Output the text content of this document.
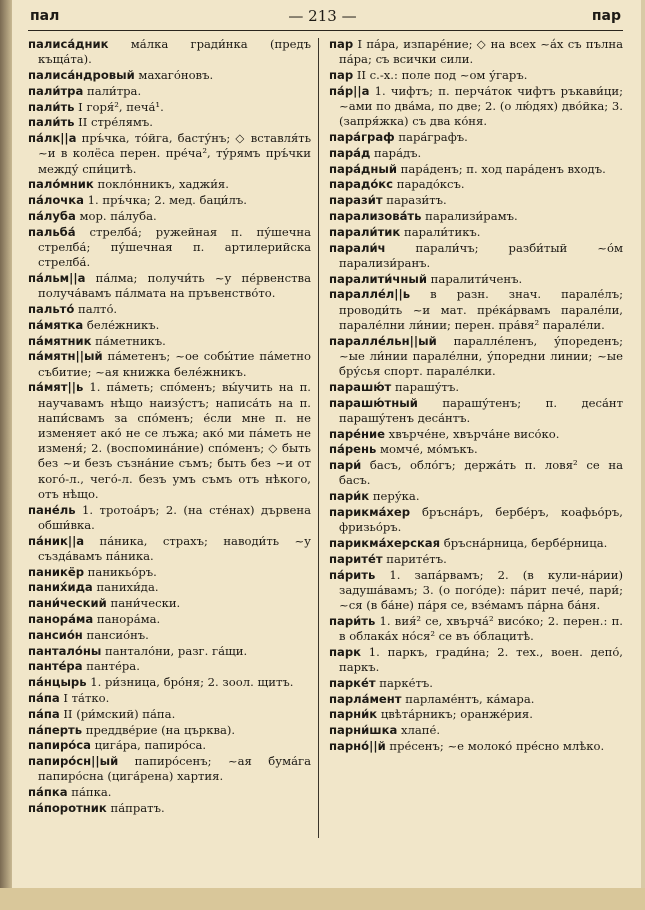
пал	— 213 —	пар
палиса́дник ма́лка гради́нка (предъ къща́та).
палиса́ндровый махаго́новъ.
пали́тра пали́тра.
пали́ть I горя́², печа́¹.
пали́ть II стре́лямъ.
па́лк||а пръ́чка, то́йга, басту́нъ; ◇ вставля́ть ~и в колёса перен. пре́ча², ту́рямъ пръ́чки между́ спи́цитѣ.
пало́мник покло́нникъ, хаджи́я.
па́лочка 1. пръ́чка; 2. мед. баци́лъ.
па́луба мор. па́луба.
пальба́ стрелба́; ружейная п. пу́шечна стрелба́; пу́шечная п. артилерийска стрелба́.
па́льм||а па́лма; получи́ть ~у пе́рвенства получа́вамъ па́лмата на пръвенство́то.
пальто́ палто́.
па́мятка беле́жникъ.
па́мятник па́метникъ.
па́мятн||ый па́метенъ; ~ое собы́тие па́метно събитие; ~ая книжка беле́жникъ.
па́мят||ь 1. па́меть; спо́менъ; вы́учить на п. научавамъ нѣщо наизу́стъ; написа́ть на п. напи́свамъ за спо́менъ; е́сли мне п. не изменяет ако́ не се лъжа; ако́ ми па́меть не изменя́; 2. (воспомина́ние) спо́менъ; ◇ быть без ~и безъ съзна́ние съмъ; быть без ~и от кого́-л., чего́-л. безъ умъ съмъ отъ нѣкого, отъ нѣщо.
пане́ль 1. тротоа́ръ; 2. (на сте́нах) дървена обши́вка.
па́ник||а па́ника, страхъ; наводи́ть ~у създа́вамъ па́ника.
паникёр паникьо́ръ.
паних́ида панихи́да.
пани́ческий пани́чески.
панора́ма панора́ма.
пансио́н пансио́нъ.
пантало́ны пантало́ни, разг. га́щи.
панте́ра панте́ра.
па́нцырь 1. ри́зница, бро́ня; 2. зоол. щитъ.
па́па I та́тко.
па́па II (ри́мский) па́па.
па́перть преддве́рие (на църква).
папиро́са цига́ра, папиро́са.
папиро́сн||ый папиро́сенъ; ~ая бума́га папиро́сна (цига́рена) хартия.
па́пка па́пка.
па́поротник па́пратъ.
пар I па́ра, изпаре́ние; ◇ на всех ~áх съ пълна па́ра; съ всички сили.
пар II с.-х.: поле под ~ом у́гаръ.
па́р||а 1. чифтъ; п. перча́ток чифтъ ръкави́ци; ~ами по два́ма, по две; 2. (о лю́дях) дво́йка; 3. (запря́жка) съ два ко́ня.
пара́граф пара́графъ.
пара́д пара́дъ.
пара́дный пара́денъ; п. ход пара́денъ входъ.
парадо́кс парадо́ксъ.
парази́т парази́тъ.
парализова́ть парализи́рамъ.
парали́тик парали́тикъ.
парали́ч парали́чъ; разби́тый ~о́м парализи́ранъ.
паралити́чный паралити́ченъ.
паралле́л||ь в разн. знач. парале́лъ; проводи́ть ~и мат. пре́кáрвамъ парале́ли, парале́лни ли́нии; перен. пра́вя² парале́ли.
паралле́льн||ый паралле́ленъ, у́пореденъ; ~ые ли́нии парале́лни, у́поредни линии; ~ые бру́сья спорт. парале́лки.
парашю́т парашу́тъ.
парашю́тный парашу́тенъ; п. деса́нт парашу́тенъ деса́нтъ.
паре́ние хвърче́не, хвърча́не висо́ко.
па́рень момче́, мо́мъкъ.
пари́ басъ, обло́гъ; держа́ть п. ловя² се на басъ.
пари́к перу́ка.
парикма́хер бръсна́ръ, бербе́ръ, коафьо́ръ, фризьо́ръ.
парикма́херская бръсна́рница, бербе́рница.
парите́т парите́тъ.
па́рить 1. запа́рвамъ; 2. (в кули-на́рии) задуша́вамъ; 3. (о пого́де): па́рит пече́, пари́; ~ся (в ба́не) па́ря се, взе́мамъ па́рна ба́ня.
пари́ть 1. вия́² се, хвърча́² висо́ко; 2. перен.: п. в облака́х но́ся² се въ о́блацитѣ.
парк 1. паркъ, гради́на; 2. тех., воен. депо́, паркъ.
парке́т парке́тъ.
парла́мент парламе́нтъ, ка́мара.
парни́к цвѣта́рникъ; оранже́рия.
парни́шка хлапе́.
парно́||й пре́сенъ; ~е молоко́ пре́сно млѣко.
